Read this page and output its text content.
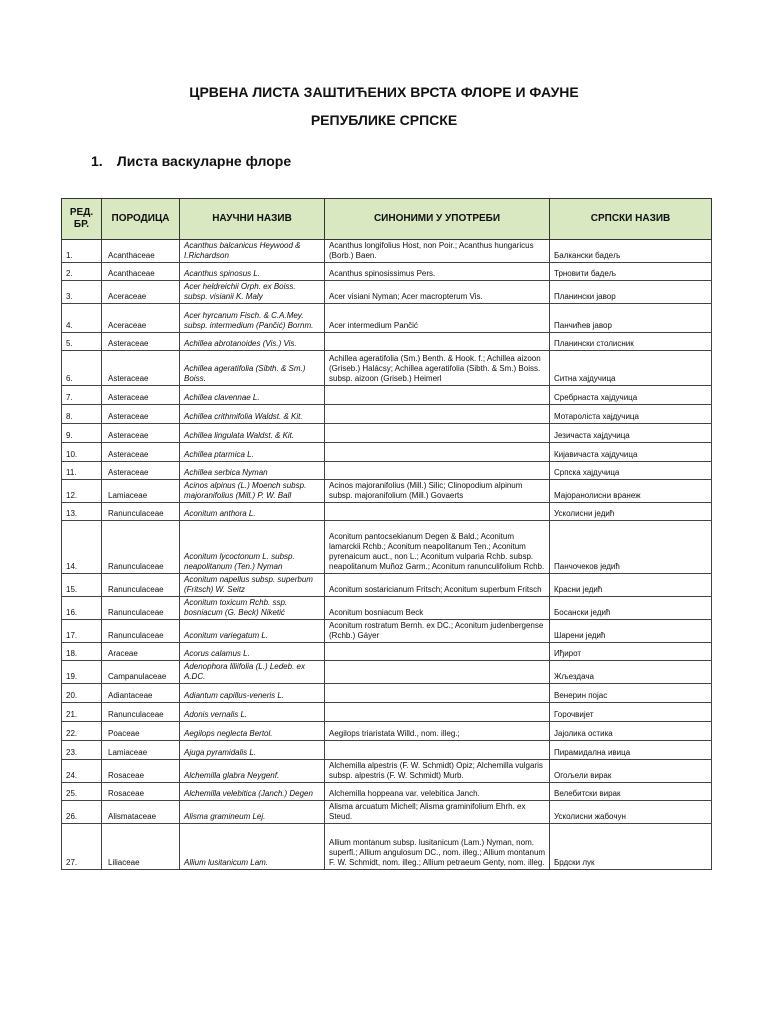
ЦРВЕНА ЛИСТА ЗАШТИЋЕНИХ ВРСТА ФЛОРЕ И ФАУНЕ
РЕПУБЛИКЕ СРПСКЕ
1. Листа васкуларне флоре
РЕД. БР.	ПОРОДИЦА	НАУЧНИ НАЗИВ	СИНОНИМИ У УПОТРЕБИ	СРПСКИ НАЗИВ
1.	Acanthaceae	Acanthus balcanicus Heywood & I.Richardson	Acanthus longifolius Host, non Poir.; Acanthus hungaricus (Borb.) Baen.	Балкански бадељ
2.	Acanthaceae	Acanthus spinosus L.	Acanthus spinosissimus Pers.	Трновити бадељ
3.	Aceraceae	Acer heldreichii Orph. ex Boiss. subsp. visianii K. Maly	Acer visiani Nyman; Acer macropterum Vis.	Планински јавор
4.	Aceraceae	Acer hyrcanum Fisch. & C.A.Mey. subsp. intermedium (Pančić) Bornm.	Acer intermedium Pančić	Панчићев јавор
5.	Asteraceae	Achillea abrotanoides (Vis.) Vis.		Планински столисник
6.	Asteraceae	Achillea ageratifolia (Sibth. & Sm.) Boiss.	Achillea ageratifolia (Sm.) Benth. & Hook. f.; Achillea aizoon (Griseb.) Halácsy; Achillea ageratifolia (Sibth. & Sm.) Boiss. subsp. aizoon (Griseb.) Heimerl	Ситна хајдучица
7.	Asteraceae	Achillea clavennae L.		Сребрнаста хајдучица
8.	Asteraceae	Achillea crithmifolia Waldst. & Kit.		Мотароліста хајдучица
9.	Asteraceae	Achillea lingulata Waldst. & Kit.		Језичаста хајдучица
10.	Asteraceae	Achillea ptarmica L.		Кијавичаста хајдучица
11.	Asteraceae	Achillea serbica Nyman		Српска хајдучица
12.	Lamiaceae	Acinos alpinus (L.) Moench subsp. majoranifolius (Mill.) P. W. Ball	Acinos majoranifolius (Mill.) Silic; Clinopodium alpinum subsp. majoranifolium (Mill.) Govaerts	Мајоранолисни вранеж
13.	Ranunculaceae	Aconitum anthora L.		Усколисни једић
14.	Ranunculaceae	Aconitum lycoctonum L. subsp. neapolitanum (Ten.) Nyman	Aconitum pantocsekianum Degen & Bald.; Aconitum lamarckii Rchb.; Aconitum neapolitanum Ten.; Aconitum pyrenaicum auct., non L.; Aconitum vulparia Rchb. subsp. neapolitanum Muñoz Garm.; Aconitum ranunculifolium Rchb.	Панчочеков једић
15.	Ranunculaceae	Aconitum napellus subsp. superbum (Fritsch) W. Seitz	Aconitum sostaricianum Fritsch; Aconitum superbum Fritsch	Красни једић
16.	Ranunculaceae	Aconitum toxicum Rchb. ssp. bosniacum (G. Beck) Niketić	Aconitum bosniacum Beck	Босански једић
17.	Ranunculaceae	Aconitum variegatum L.	Aconitum rostratum Bernh. ex DC.; Aconitum judenbergense (Rchb.) Gáyer	Шарени једић
18.	Araceae	Acorus calamus L.		Иђирот
19.	Campanulaceae	Adenophora liliifolia (L.) Ledeb. ex A.DC.		Жљездача
20.	Adiantaceae	Adiantum capillus-veneris L.		Венерин појас
21.	Ranunculaceae	Adonis vernalis L.		Горочвијет
22.	Poaceae	Aegilops neglecta Bertol.	Aegilops triaristata Willd., nom. illeg.;	Јајолика остика
23.	Lamiaceae	Ajuga pyramidalis L.		Пирамидална ивица
24.	Rosaceae	Alchemilla glabra Neygenf.	Alchemilla alpestris (F. W. Schmidt) Opiz; Alchemilla vulgaris subsp. alpestris (F. W. Schmidt) Murb.	Огољели вирак
25.	Rosaceae	Alchemilla velebitica (Janch.) Degen	Alchemilla hoppeana var. velebitica Janch.	Велебитски вирак
26.	Alismataceae	Alisma gramineum Lej.	Alisma arcuatum Michell; Alisma graminifolium Ehrh. ex Steud.	Усколисни жабочун
27.	Liliaceae	Allium lusitanicum Lam.	Allium montanum subsp. lusitanicum (Lam.) Nyman, nom. superfl.; Allium angulosum DC., nom. illeg.; Allium montanum F. W. Schmidt, nom. illeg.; Allium petraeum Genty, nom. illeg.	Брдски лук
